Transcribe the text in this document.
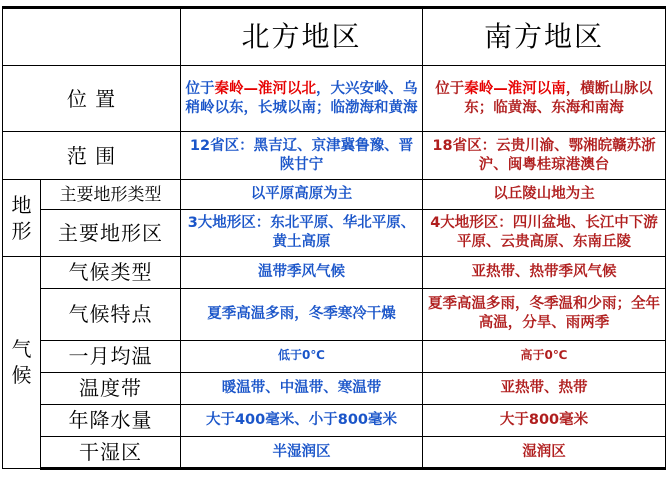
		北方地区	南方地区
位 置		位于秦岭—淮河以北，大兴安岭、乌稍岭以东，长城以南；临渤海和黄海	位于秦岭—淮河以南，横断山脉以东；临黄海、东海和南海
范 围		12省区：黑吉辽、京津冀鲁豫、晋陕甘宁	18省区：云贵川渝、鄂湘皖赣苏浙沪、闽粤桂琼港澳台
地形	主要地形类型	以平原高原为主	以丘陵山地为主
	主要地形区	3大地形区：东北平原、华北平原、黄土高原	4大地形区：四川盆地、长江中下游平原、云贵高原、东南丘陵
气候	气候类型	温带季风气候	亚热带、热带季风气候
	气候特点	夏季高温多雨，冬季寒冷干燥	夏季高温多雨，冬季温和少雨；全年高温，分旱、雨两季
	一月均温	低于0℃	高于0℃
	温度带	暖温带、中温带、寒温带	亚热带、热带
	年降水量	大于400毫米、小于800毫米	大于800毫米
	干湿区	半湿润区	湿润区
